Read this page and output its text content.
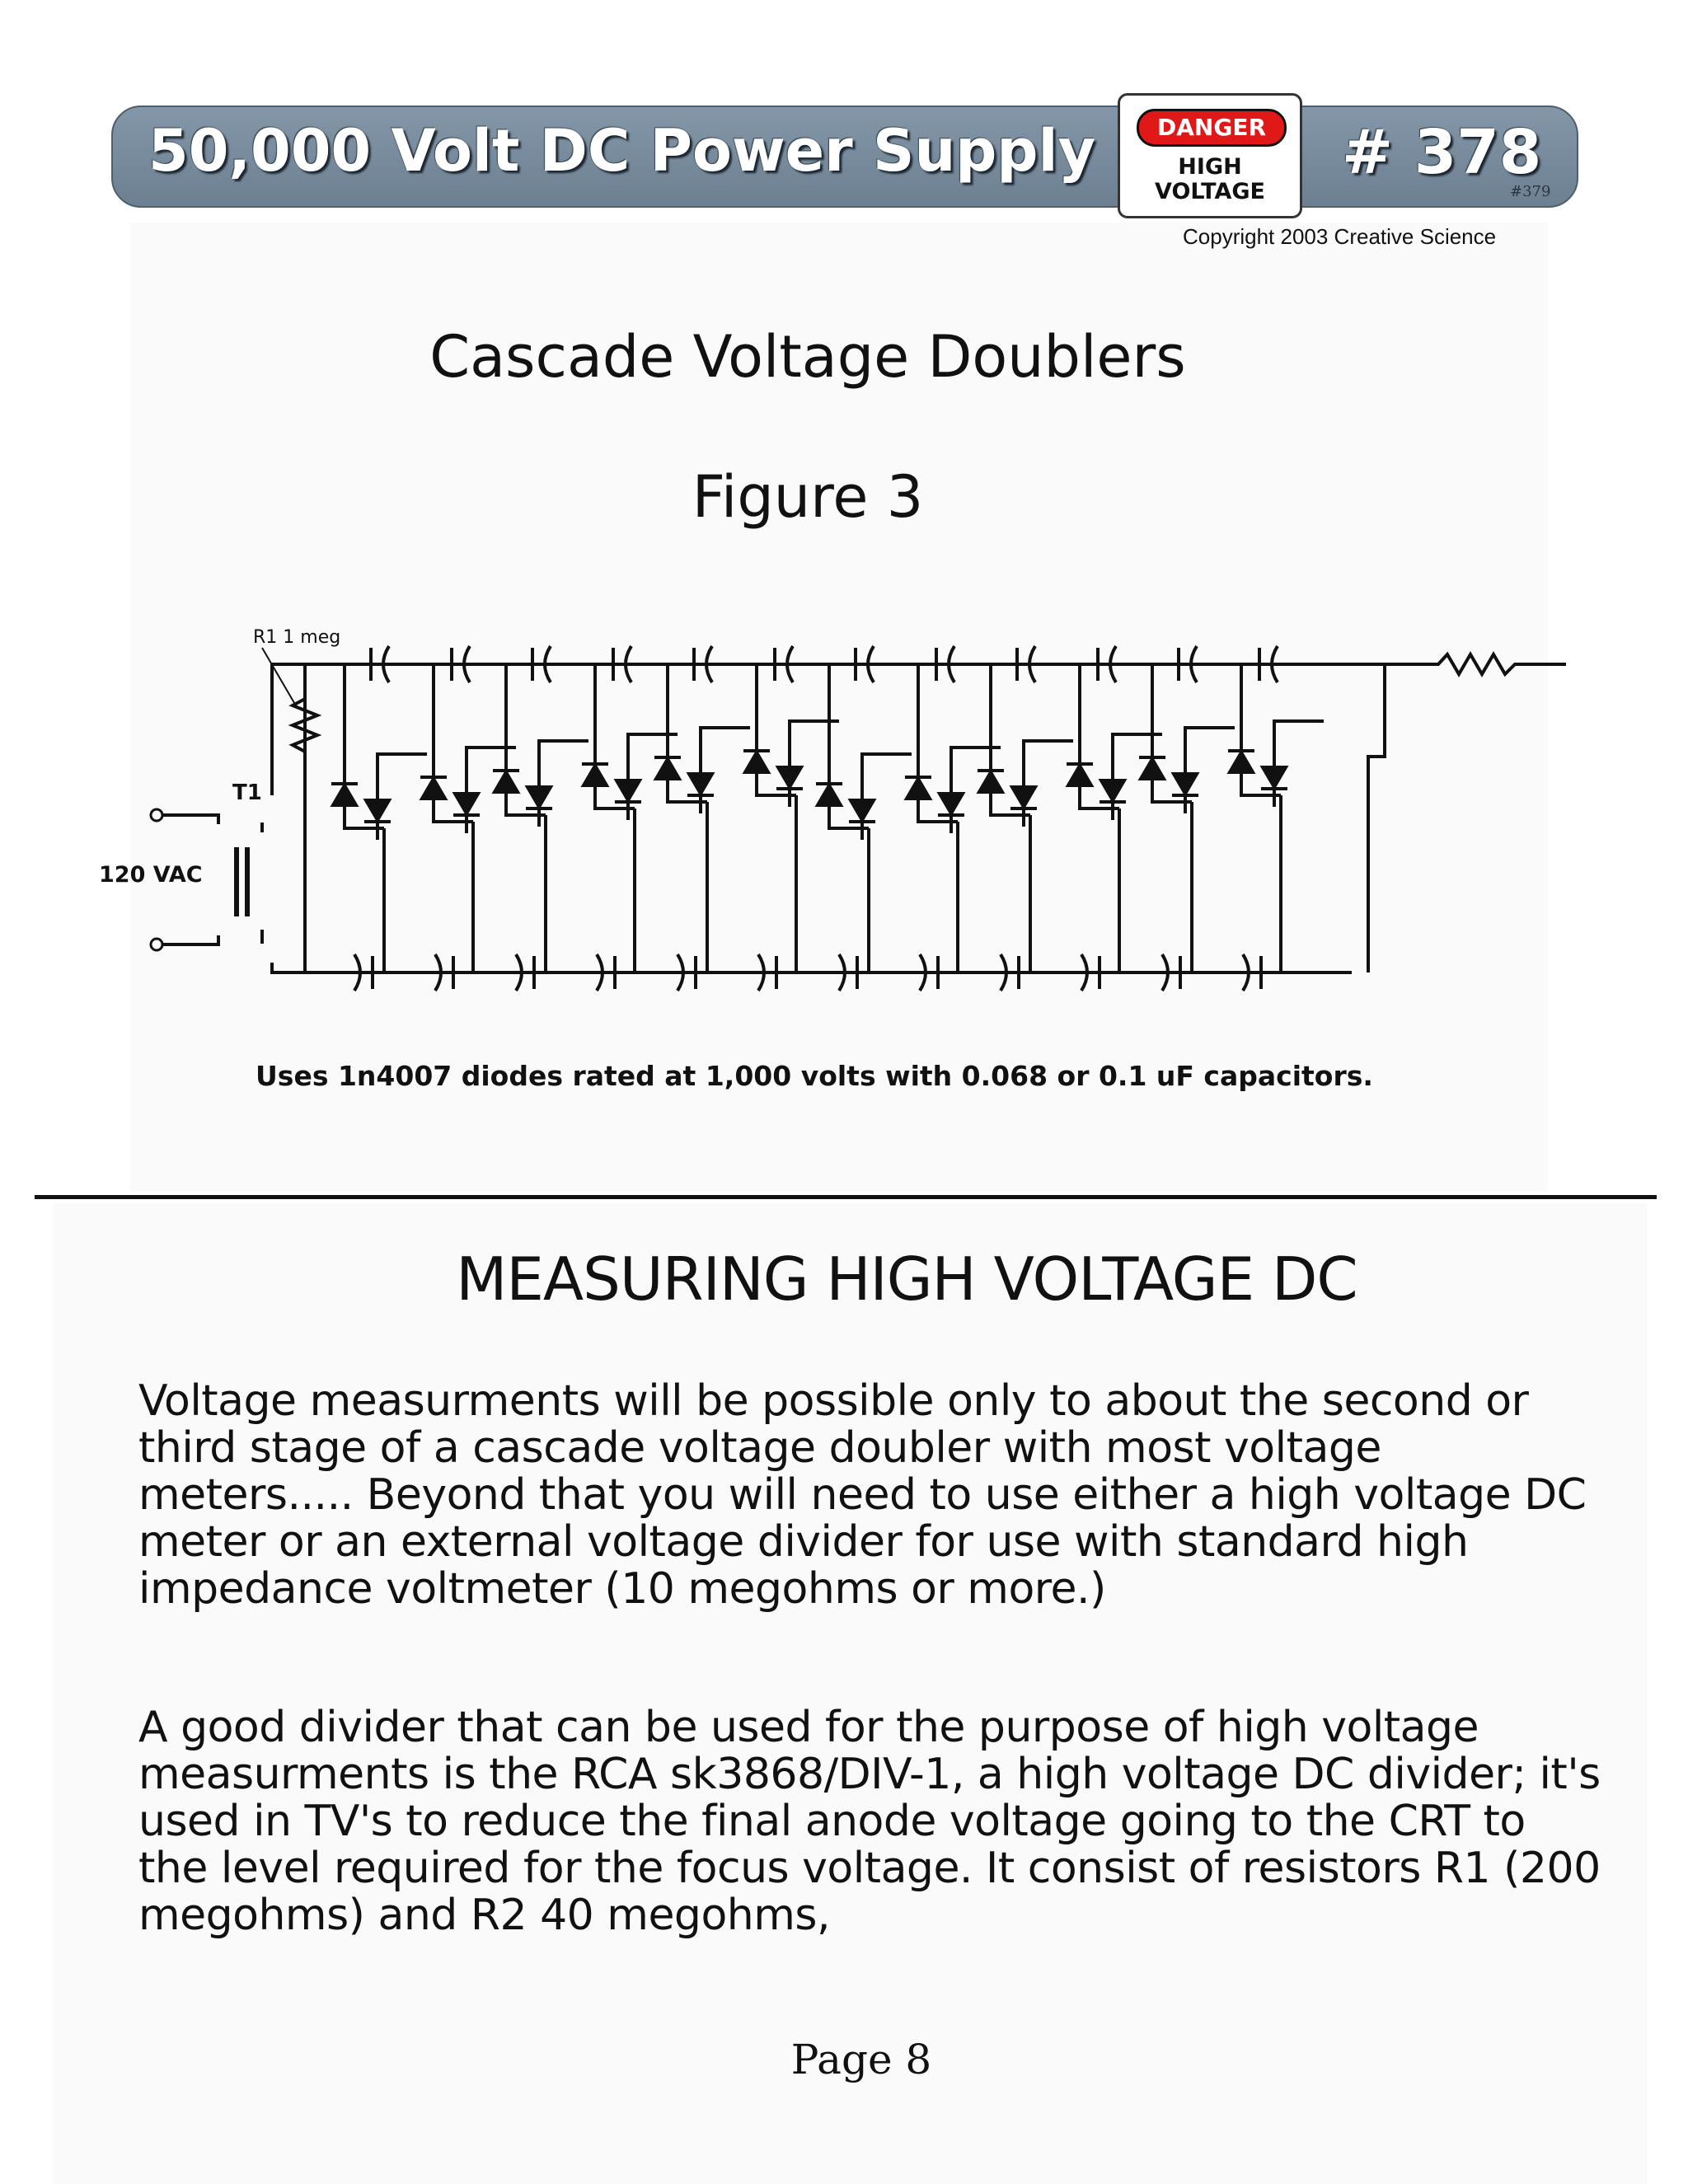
50,000 Volt DC Power Supply	DANGER
HIGH
VOLTAGE
# 378
#379
Copyright 2003 Creative Science
Cascade Voltage Doublers
Figure 3
R1 1 meg
T1
120 VAC
Uses 1n4007 diodes rated at 1,000 volts with 0.068 or 0.1 uF capacitors.
MEASURING HIGH VOLTAGE DC
Voltage measurments will be possible only to about the second or third stage of a cascade voltage doubler with most voltage meters..... Beyond that you will need to use either a high voltage DC meter or an external voltage divider for use with standard high impedance voltmeter (10 megohms or more.)
A good divider that can be used for the purpose of high voltage measurments is the RCA sk3868/DIV-1, a high voltage DC divider; it's used in TV's to reduce the final anode voltage going to the CRT to the level required for the focus voltage. It consist of resistors R1 (200 megohms) and R2 40 megohms,
Page 8
